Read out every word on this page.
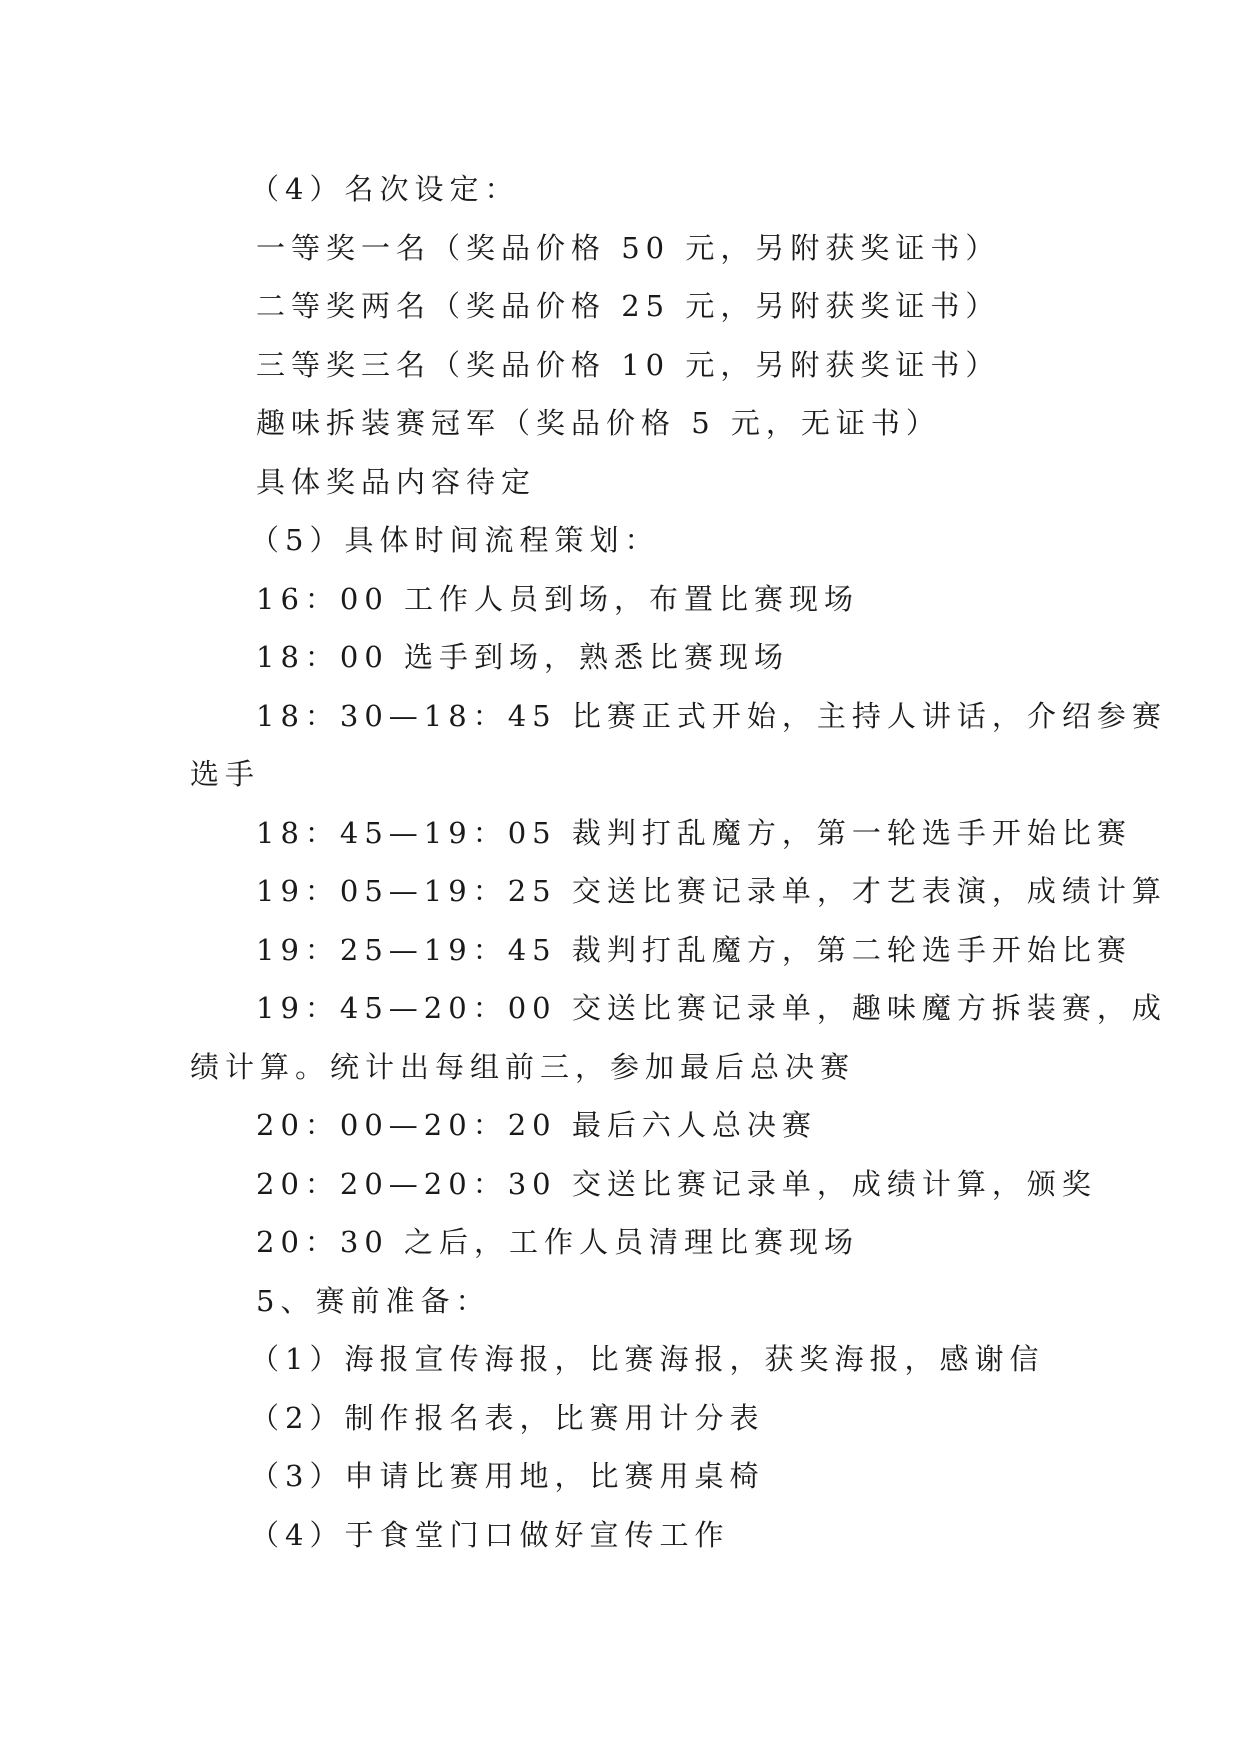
（4）名次设定：
一等奖一名（奖品价格 50 元，另附获奖证书）
二等奖两名（奖品价格 25 元，另附获奖证书）
三等奖三名（奖品价格 10 元，另附获奖证书）
趣味拆装赛冠军（奖品价格 5 元，无证书）
具体奖品内容待定
（5）具体时间流程策划：
16：00 工作人员到场，布置比赛现场
18：00 选手到场，熟悉比赛现场
18：30—18：45 比赛正式开始，主持人讲话，介绍参赛
选手
18：45—19：05 裁判打乱魔方，第一轮选手开始比赛
19：05—19：25 交送比赛记录单，才艺表演，成绩计算
19：25—19：45 裁判打乱魔方，第二轮选手开始比赛
19：45—20：00 交送比赛记录单，趣味魔方拆装赛，成
绩计算。统计出每组前三，参加最后总决赛
20：00—20：20 最后六人总决赛
20：20—20：30 交送比赛记录单，成绩计算，颁奖
20：30 之后，工作人员清理比赛现场
5、赛前准备：
（1）海报宣传海报，比赛海报，获奖海报，感谢信
（2）制作报名表，比赛用计分表
（3）申请比赛用地，比赛用桌椅
（4）于食堂门口做好宣传工作
